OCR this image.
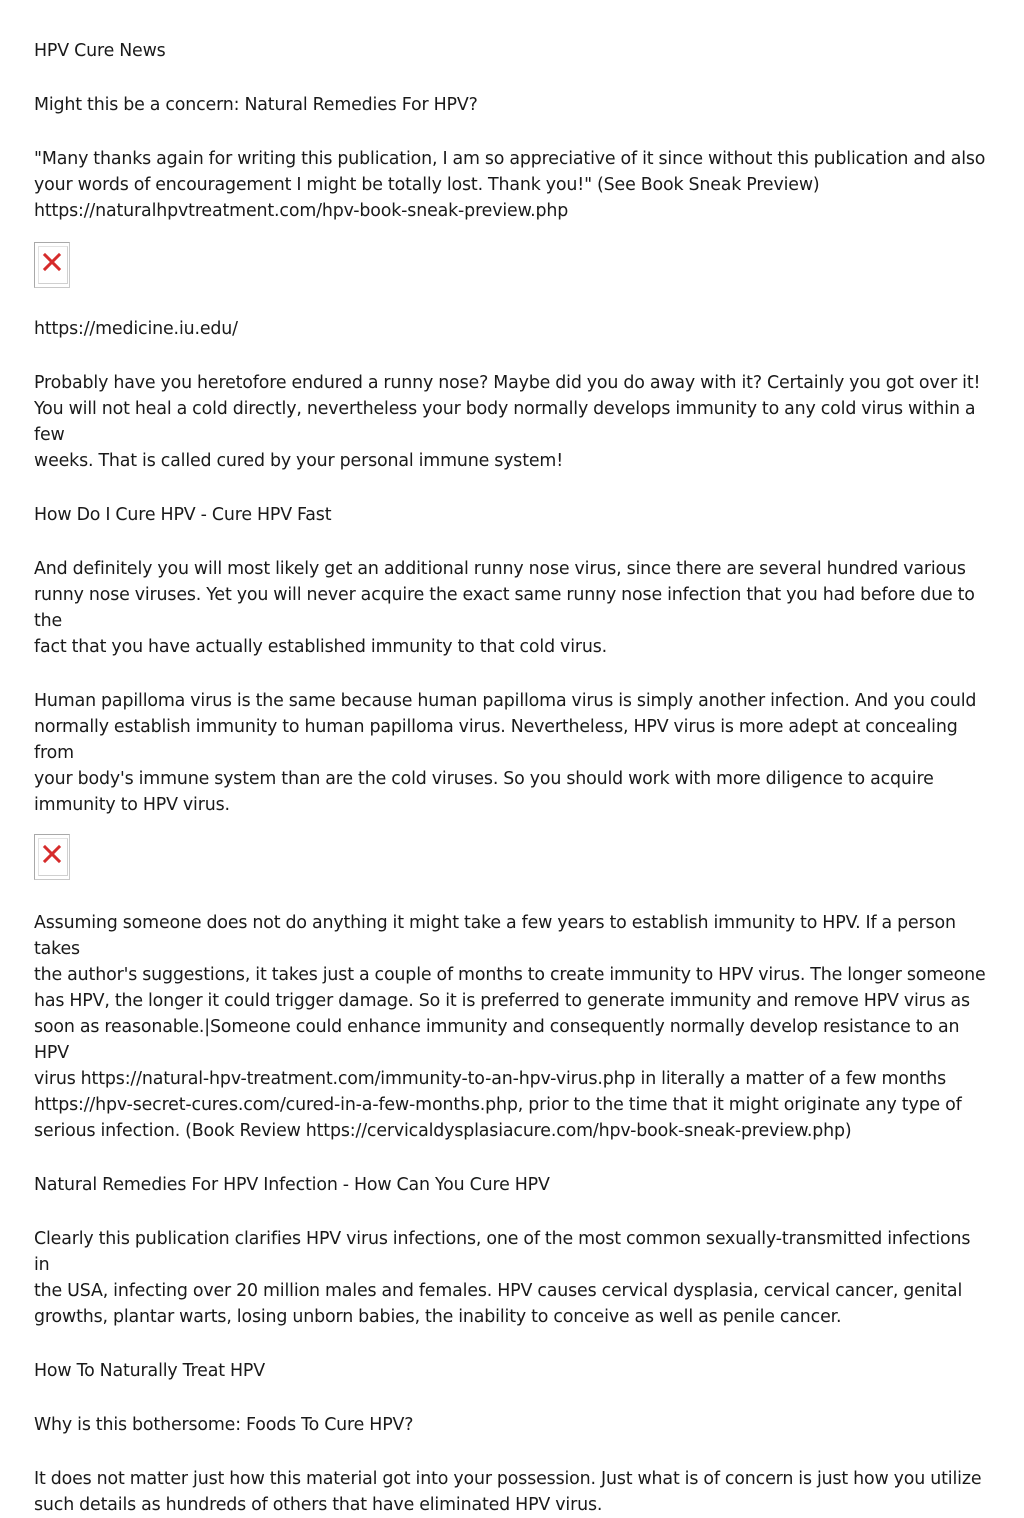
HPV Cure News

Might this be a concern: Natural Remedies For HPV?

"Many thanks again for writing this publication, I am so appreciative of it since without this publication and also
your words of encouragement I might be totally lost. Thank you!" (See Book Sneak Preview)
https://naturalhpvtreatment.com/hpv-book-sneak-preview.php

https://medicine.iu.edu/

Probably have you heretofore endured a runny nose? Maybe did you do away with it? Certainly you got over it!
You will not heal a cold directly, nevertheless your body normally develops immunity to any cold virus within a few
weeks. That is called cured by your personal immune system!

How Do I Cure HPV - Cure HPV Fast

And definitely you will most likely get an additional runny nose virus, since there are several hundred various
runny nose viruses. Yet you will never acquire the exact same runny nose infection that you had before due to the
fact that you have actually established immunity to that cold virus.

Human papilloma virus is the same because human papilloma virus is simply another infection. And you could
normally establish immunity to human papilloma virus. Nevertheless, HPV virus is more adept at concealing from
your body's immune system than are the cold viruses. So you should work with more diligence to acquire
immunity to HPV virus.

Assuming someone does not do anything it might take a few years to establish immunity to HPV. If a person takes
the author's suggestions, it takes just a couple of months to create immunity to HPV virus. The longer someone
has HPV, the longer it could trigger damage. So it is preferred to generate immunity and remove HPV virus as
soon as reasonable.|Someone could enhance immunity and consequently normally develop resistance to an HPV
virus https://natural-hpv-treatment.com/immunity-to-an-hpv-virus.php in literally a matter of a few months
https://hpv-secret-cures.com/cured-in-a-few-months.php, prior to the time that it might originate any type of
serious infection. (Book Review https://cervicaldysplasiacure.com/hpv-book-sneak-preview.php)

Natural Remedies For HPV Infection - How Can You Cure HPV

Clearly this publication clarifies HPV virus infections, one of the most common sexually-transmitted infections in
the USA, infecting over 20 million males and females. HPV causes cervical dysplasia, cervical cancer, genital
growths, plantar warts, losing unborn babies, the inability to conceive as well as penile cancer.

How To Naturally Treat HPV

Why is this bothersome: Foods To Cure HPV?

It does not matter just how this material got into your possession. Just what is of concern is just how you utilize
such details as hundreds of others that have eliminated HPV virus.
